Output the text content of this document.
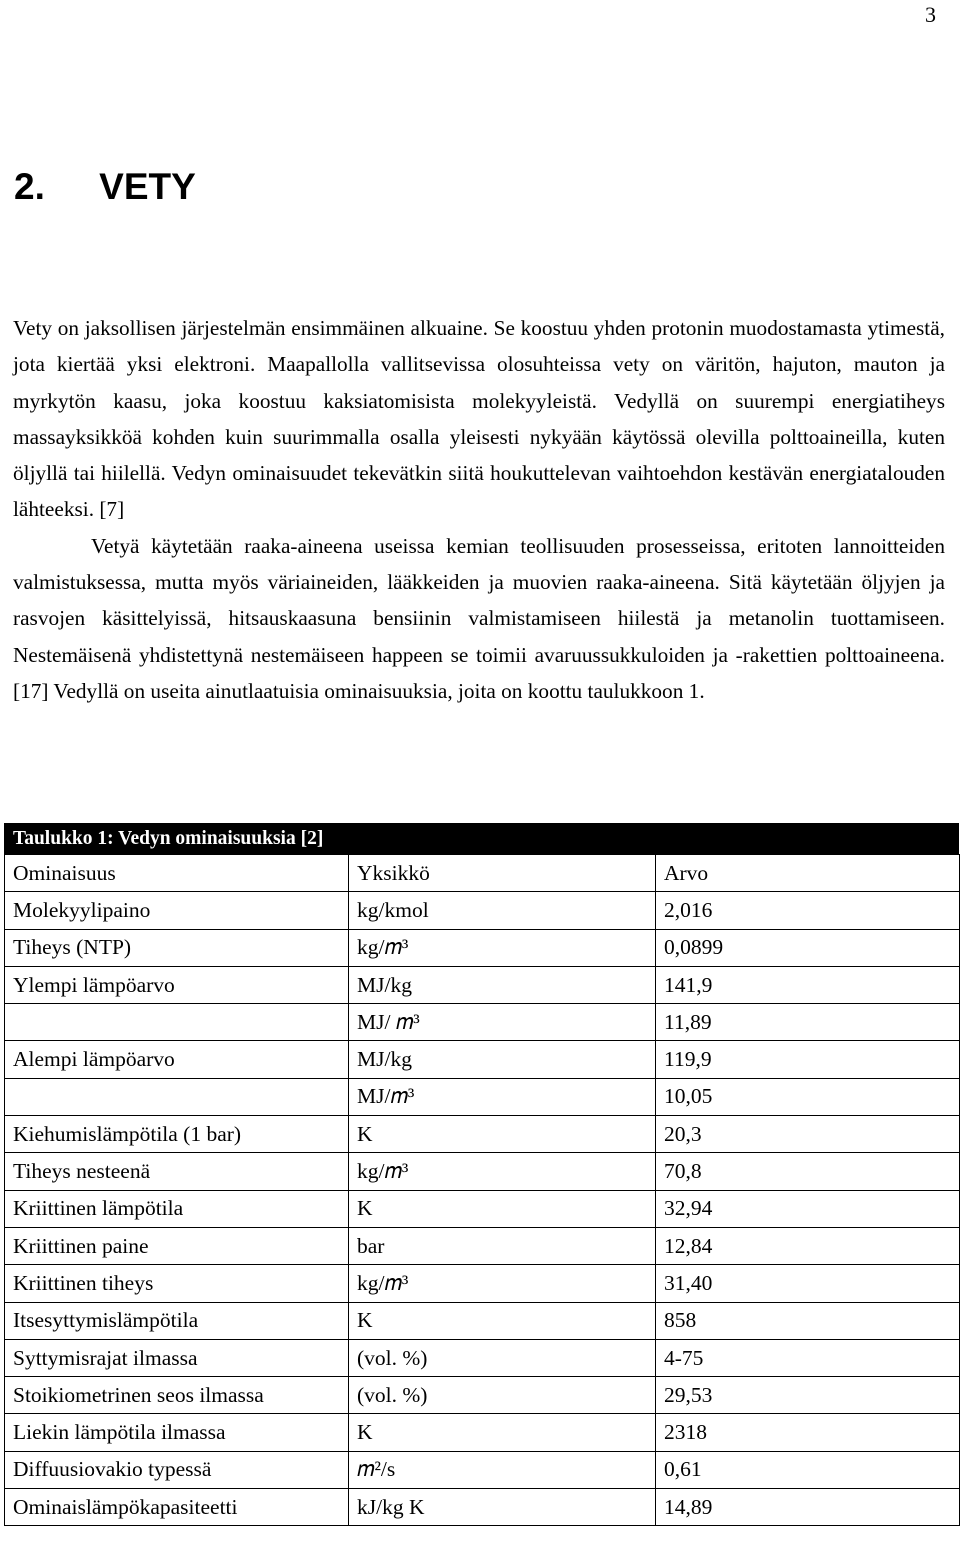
3
2. VETY

Vety on jaksollisen järjestelmän ensimmäinen alkuaine. Se koostuu yhden protonin muodostamasta ytimestä, jota kiertää yksi elektroni. Maapallolla vallitsevissa olosuhteissa vety on väritön, hajuton, mauton ja myrkytön kaasu, joka koostuu kaksiatomisista molekyyleistä. Vedyllä on suurempi energiatiheys massayksikköä kohden kuin suurimmalla osalla yleisesti nykyään käytössä olevilla polttoaineilla, kuten öljyllä tai hiilellä. Vedyn ominaisuudet tekevätkin siitä houkuttelevan vaihtoehdon kestävän energiatalouden lähteeksi. [7]

Vetyä käytetään raaka-aineena useissa kemian teollisuuden prosesseissa, eritoten lannoitteiden valmistuksessa, mutta myös väriaineiden, lääkkeiden ja muovien raaka-aineena. Sitä käytetään öljyjen ja rasvojen käsittelyissä, hitsauskaasuna bensiinin valmistamiseen hiilestä ja metanolin tuottamiseen. Nestemäisenä yhdistettynä nestemäiseen happeen se toimii avaruussukkuloiden ja -rakettien polttoaineena. [17] Vedyllä on useita ainutlaatuisia ominaisuuksia, joita on koottu taulukkoon 1.

Taulukko 1: Vedyn ominaisuuksia [2]
Ominaisuus	Yksikkö	Arvo
Molekyylipaino	kg/kmol	2,016
Tiheys (NTP)	kg/𝑚³	0,0899
Ylempi lämpöarvo	MJ/kg	141,9
	MJ/ 𝑚³	11,89
Alempi lämpöarvo	MJ/kg	119,9
	MJ/𝑚³	10,05
Kiehumislämpötila (1 bar)	K	20,3
Tiheys nesteenä	kg/𝑚³	70,8
Kriittinen lämpötila	K	32,94
Kriittinen paine	bar	12,84
Kriittinen tiheys	kg/𝑚³	31,40
Itsesyttymislämpötila	K	858
Syttymisrajat ilmassa	(vol. %)	4-75
Stoikiometrinen seos ilmassa	(vol. %)	29,53
Liekin lämpötila ilmassa	K	2318
Diffuusiovakio typessä	𝑚²/s	0,61
Ominaislämpökapasiteetti	kJ/kg K	14,89
